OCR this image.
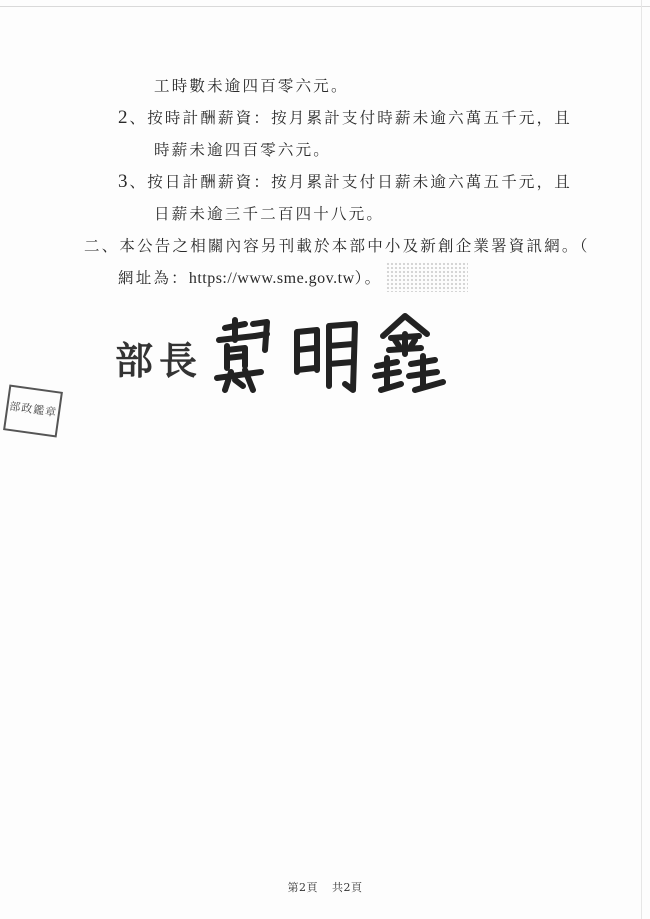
工時數未逾四百零六元。
2 、按時計酬薪資：按月累計支付時薪未逾六萬五千元，且
時薪未逾四百零六元。
3 、按日計酬薪資：按月累計支付日薪未逾六萬五千元，且
日薪未逾三千二百四十八元。
二、本公告之相關內容另刊載於本部中小及新創企業署資訊網。（
網址為：https://www.sme.gov.tw）。
部長
部政鑑章
第2頁 共2頁
